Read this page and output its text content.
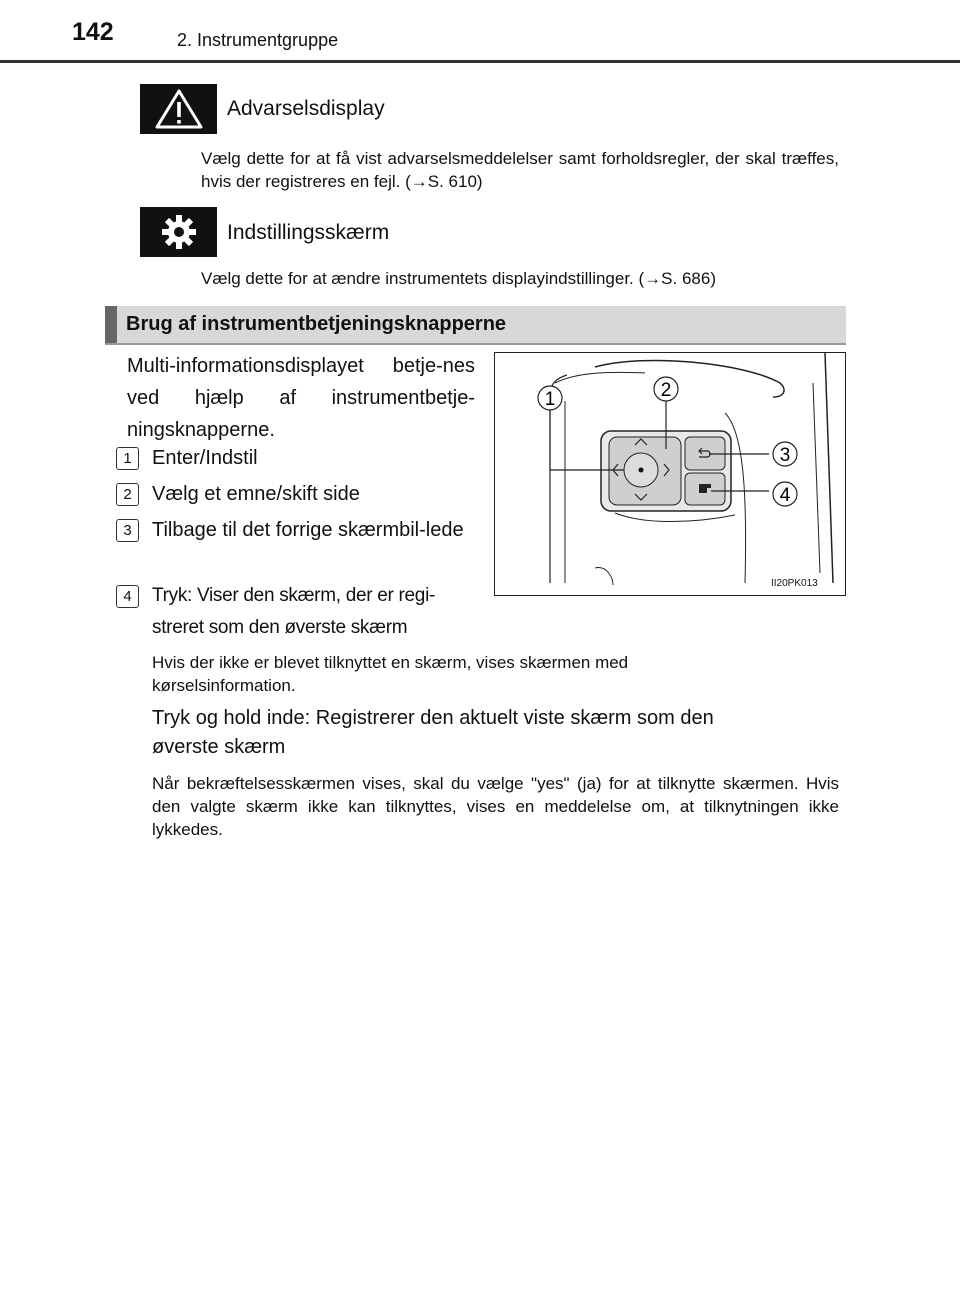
142	2. Instrumentgruppe
Advarselsdisplay
Vælg dette for at få vist advarselsmeddelelser samt forholdsregler, der skal træffes, hvis der registreres en fejl. (→S. 610)
Indstillingsskærm
Vælg dette for at ændre instrumentets displayindstillinger. (→S. 686)
Brug af instrumentbetjeningsknapperne
Multi-informationsdisplayet betje-nes ved hjælp af instrumentbetje-ningsknapperne.
1	Enter/Indstil
2	Vælg et emne/skift side
3	Tilbage til det forrige skærmbil-lede
4	Tryk: Viser den skærm, der er regi-streret som den øverste skærm
Hvis der ikke er blevet tilknyttet en skærm, vises skærmen med kørselsinformation.
Tryk og hold inde: Registrerer den aktuelt viste skærm som den øverste skærm
Når bekræftelsesskærmen vises, skal du vælge "yes" (ja) for at tilknytte skærmen. Hvis den valgte skærm ikke kan tilknyttes, vises en meddelelse om, at tilknytningen ikke lykkedes.
1	2
3
4
II20PK013
